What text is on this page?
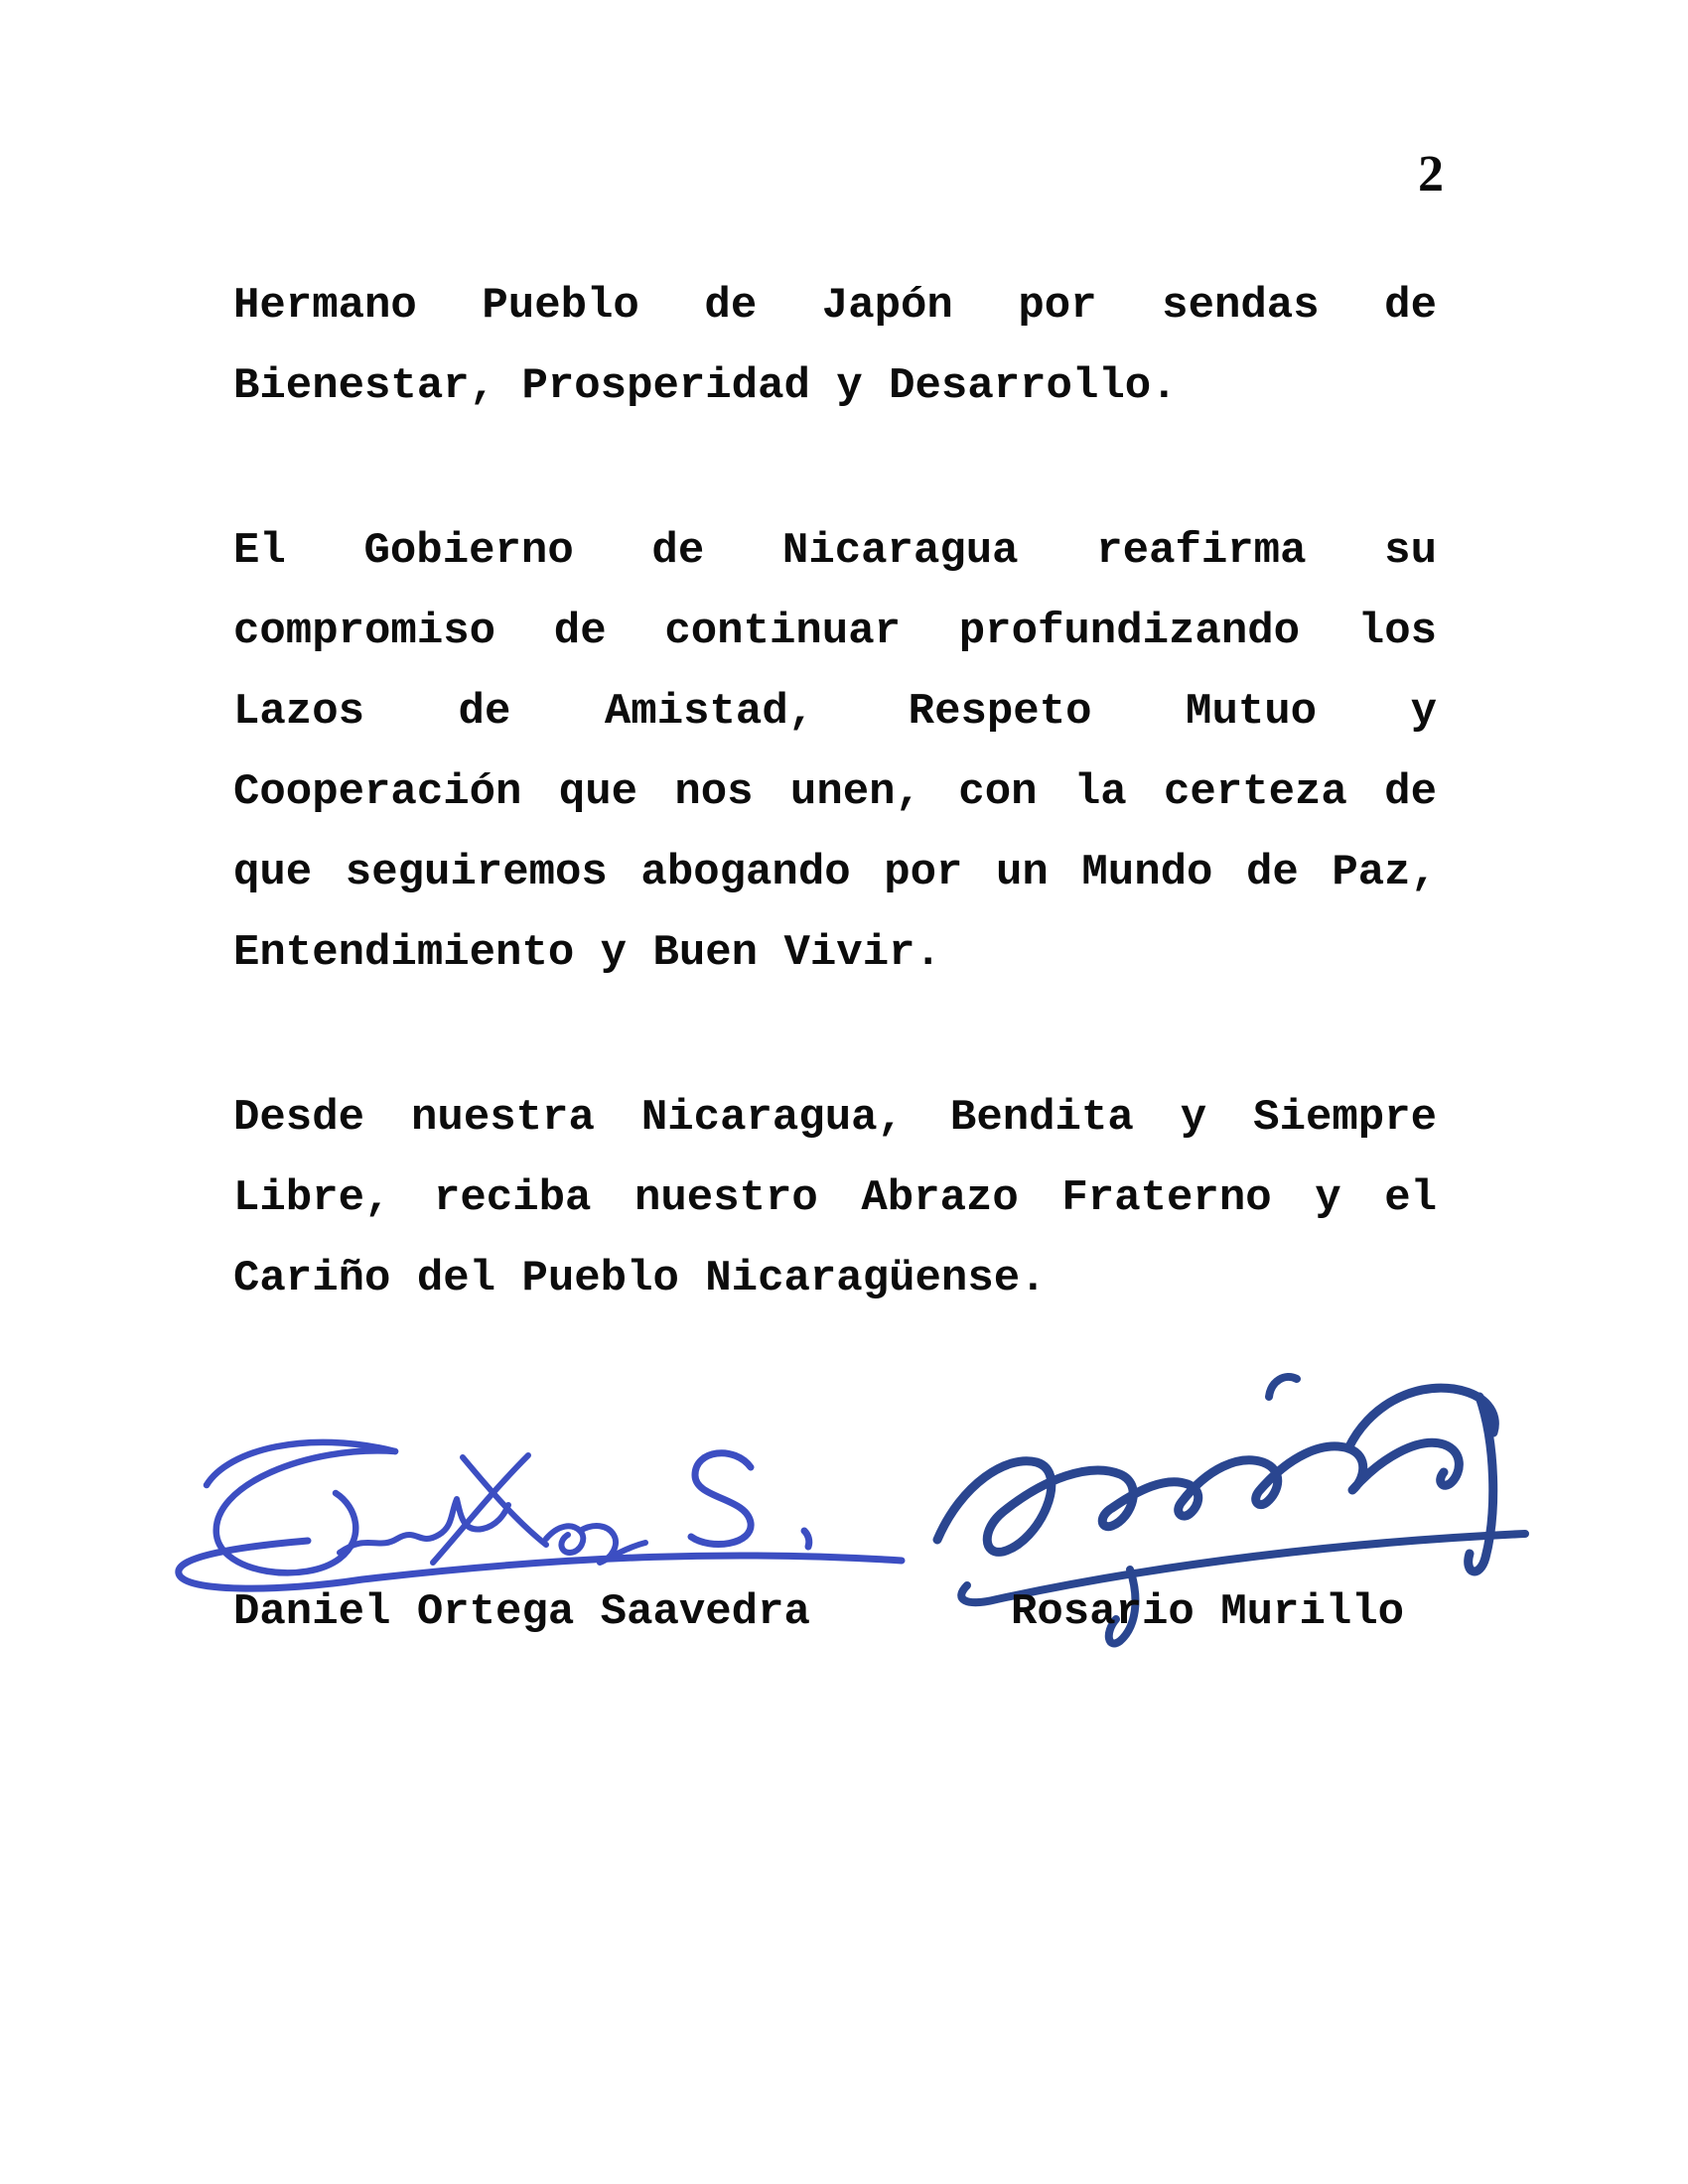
2
Hermano Pueblo de Japón por sendas de
Bienestar, Prosperidad y Desarrollo.
El Gobierno de Nicaragua reafirma su
compromiso de continuar profundizando los
Lazos de Amistad, Respeto Mutuo y
Cooperación que nos unen, con la certeza de
que seguiremos abogando por un Mundo de Paz,
Entendimiento y Buen Vivir.
Desde nuestra Nicaragua, Bendita y Siempre
Libre, reciba nuestro Abrazo Fraterno y el
Cariño del Pueblo Nicaragüense.
Daniel Ortega Saavedra	Rosario Murillo
